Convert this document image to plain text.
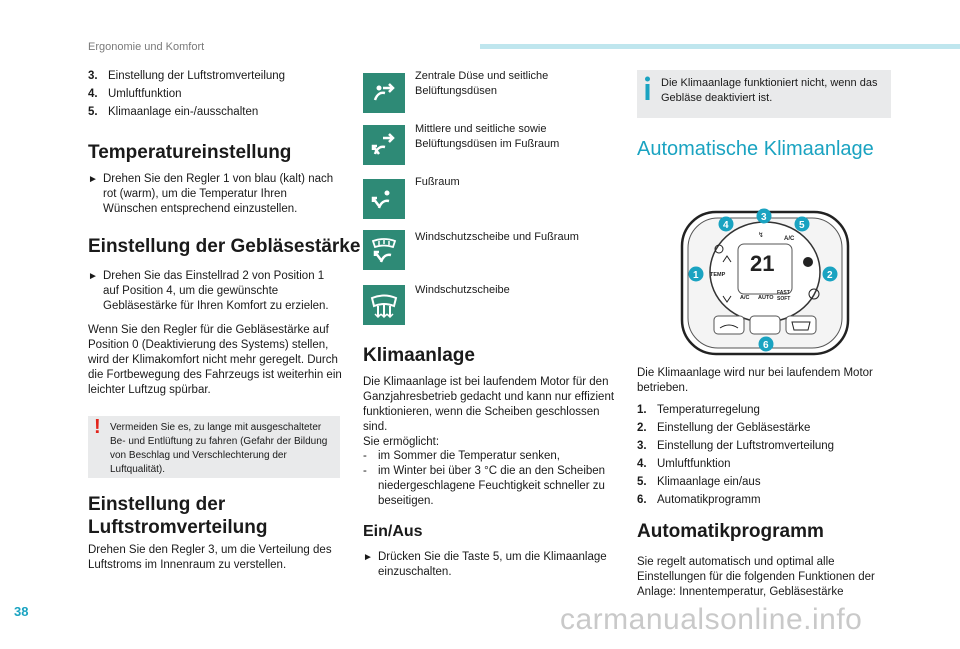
Ergonomie und Komfort
3. Einstellung der Luftstromverteilung
4. Umluftfunktion
5. Klimaanlage ein-/ausschalten
Temperatureinstellung
► Drehen Sie den Regler 1 von blau (kalt) nach rot (warm), um die Temperatur Ihren Wünschen entsprechend einzustellen.
Einstellung der Gebläsestärke
► Drehen Sie das Einstellrad 2 von Position 1 auf Position 4, um die gewünschte Gebläsestärke für Ihren Komfort zu erzielen.
Wenn Sie den Regler für die Gebläsestärke auf Position 0 (Deaktivierung des Systems) stellen, wird der Klimakomfort nicht mehr geregelt. Durch die Fortbewegung des Fahrzeugs ist weiterhin ein leichter Luftzug spürbar.
! Vermeiden Sie es, zu lange mit ausgeschalteter Be- und Entlüftung zu fahren (Gefahr der Bildung von Beschlag und Verschlechterung der Luftqualität).
Einstellung der
Luftstromverteilung
Drehen Sie den Regler 3, um die Verteilung des Luftstroms im Innenraum zu verstellen.
Zentrale Düse und seitliche
Belüftungsdüsen
Mittlere und seitliche sowie
Belüftungsdüsen im Fußraum
Fußraum
Windschutzscheibe und Fußraum
Windschutzscheibe
Klimaanlage
Die Klimaanlage ist bei laufendem Motor für den Ganzjahresbetrieb gedacht und kann nur effizient funktionieren, wenn die Scheiben geschlossen sind.
Sie ermöglicht:
- im Sommer die Temperatur senken,
- im Winter bei über 3 °C die an den Scheiben niedergeschlagene Feuchtigkeit schneller zu beseitigen.
Ein/Aus
► Drücken Sie die Taste 5, um die Klimaanlage einzuschalten.
Die Klimaanlage funktioniert nicht, wenn das Gebläse deaktiviert ist.
Automatische Klimaanlage
21
↯	A/C
TEMP
A/C AUTO
FAST
SOFT
4
3
5
1	2
6
Die Klimaanlage wird nur bei laufendem Motor betrieben.
1. Temperaturregelung
2. Einstellung der Gebläsestärke
3. Einstellung der Luftstromverteilung
4. Umluftfunktion
5. Klimaanlage ein/aus
6. Automatikprogramm
Automatikprogramm
Sie regelt automatisch und optimal alle Einstellungen für die folgenden Funktionen der Anlage: Innentemperatur, Gebläsestärke
38	carmanualsonline.info
